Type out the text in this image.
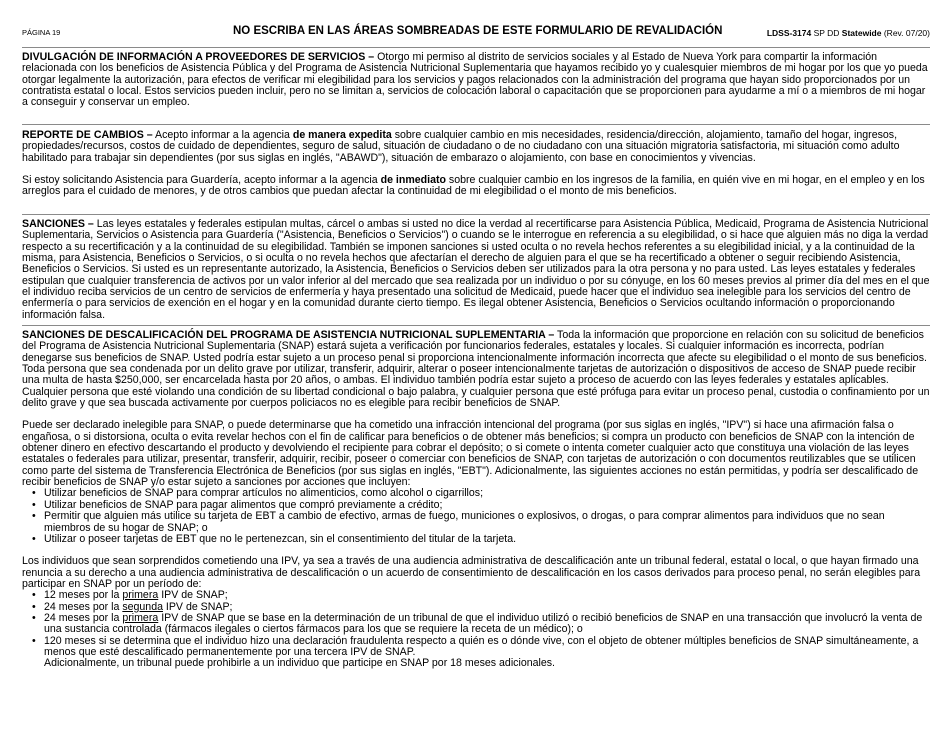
PÁGINA 19	NO ESCRIBA EN LAS ÁREAS SOMBREADAS DE ESTE FORMULARIO DE REVALIDACIÓN	LDSS-3174 SP DD Statewide (Rev. 07/20)

DIVULGACIÓN DE INFORMACIÓN A PROVEEDORES DE SERVICIOS – Otorgo mi permiso al distrito de servicios sociales y al Estado de Nueva York para compartir la información relacionada con los beneficios de Asistencia Pública y del Programa de Asistencia Nutricional Suplementaria que hayamos recibido yo y cualesquier miembros de mi hogar por los que yo pueda otorgar legalmente la autorización, para efectos de verificar mi elegibilidad para los servicios y pagos relacionados con la administración del programa que hayan sido proporcionados por un contratista estatal o local. Estos servicios pueden incluir, pero no se limitan a, servicios de colocación laboral o capacitación que se proporcionen para ayudarme a mí o a miembros de mi hogar a conseguir y conservar un empleo.

REPORTE DE CAMBIOS – Acepto informar a la agencia de manera expedita sobre cualquier cambio en mis necesidades, residencia/dirección, alojamiento, tamaño del hogar, ingresos, propiedades/recursos, costos de cuidado de dependientes, seguro de salud, situación de ciudadano o de no ciudadano con una situación migratoria satisfactoria, mi situación como adulto habilitado para trabajar sin dependientes (por sus siglas en inglés, "ABAWD"), situación de embarazo o alojamiento, con base en conocimientos y vivencias.

Si estoy solicitando Asistencia para Guardería, acepto informar a la agencia de inmediato sobre cualquier cambio en los ingresos de la familia, en quién vive en mi hogar, en el empleo y en los arreglos para el cuidado de menores, y de otros cambios que puedan afectar la continuidad de mi elegibilidad o el monto de mis beneficios.

SANCIONES – Las leyes estatales y federales estipulan multas, cárcel o ambas si usted no dice la verdad al recertificarse para Asistencia Pública, Medicaid, Programa de Asistencia Nutricional Suplementaria, Servicios o Asistencia para Guardería ("Asistencia, Beneficios o Servicios") o cuando se le interrogue en referencia a su elegibilidad, o si hace que alguien más no diga la verdad respecto a su recertificación y a la continuidad de su elegibilidad. También se imponen sanciones si usted oculta o no revela hechos referentes a su elegibilidad inicial, y a la continuidad de la misma, para Asistencia, Beneficios o Servicios, o si oculta o no revela hechos que afectarían el derecho de alguien para el que se ha recertificado a obtener o seguir recibiendo Asistencia, Beneficios o Servicios. Si usted es un representante autorizado, la Asistencia, Beneficios o Servicios deben ser utilizados para la otra persona y no para usted. Las leyes estatales y federales estipulan que cualquier transferencia de activos por un valor inferior al del mercado que sea realizada por un individuo o por su cónyuge, en los 60 meses previos al primer día del mes en el que el individuo reciba servicios de un centro de servicios de enfermería y haya presentado una solicitud de Medicaid, puede hacer que el individuo sea inelegible para los servicios del centro de enfermería o para servicios de exención en el hogar y en la comunidad durante cierto tiempo. Es ilegal obtener Asistencia, Beneficios o Servicios ocultando información o proporcionando información falsa.

SANCIONES DE DESCALIFICACIÓN DEL PROGRAMA DE ASISTENCIA NUTRICIONAL SUPLEMENTARIA – Toda la información que proporcione en relación con su solicitud de beneficios del Programa de Asistencia Nutricional Suplementaria (SNAP) estará sujeta a verificación por funcionarios federales, estatales y locales. Si cualquier información es incorrecta, podrían denegarse sus beneficios de SNAP. Usted podría estar sujeto a un proceso penal si proporciona intencionalmente información incorrecta que afecte su elegibilidad o el monto de sus beneficios. Toda persona que sea condenada por un delito grave por utilizar, transferir, adquirir, alterar o poseer intencionalmente tarjetas de autorización o dispositivos de acceso de SNAP puede recibir una multa de hasta $250,000, ser encarcelada hasta por 20 años, o ambas. El individuo también podría estar sujeto a proceso de acuerdo con las leyes federales y estatales aplicables. Cualquier persona que esté violando una condición de su libertad condicional o bajo palabra, y cualquier persona que esté prófuga para evitar un proceso penal, custodia o confinamiento por un delito grave y que sea buscada activamente por cuerpos policiacos no es elegible para recibir beneficios de SNAP.

Puede ser declarado inelegible para SNAP, o puede determinarse que ha cometido una infracción intencional del programa (por sus siglas en inglés, "IPV") si hace una afirmación falsa o engañosa, o si distorsiona, oculta o evita revelar hechos con el fin de calificar para beneficios o de obtener más beneficios; si compra un producto con beneficios de SNAP con la intención de obtener dinero en efectivo descartando el producto y devolviendo el recipiente para cobrar el depósito; o si comete o intenta cometer cualquier acto que constituya una violación de las leyes estatales o federales para utilizar, presentar, transferir, adquirir, recibir, poseer o comerciar con beneficios de SNAP, con tarjetas de autorización o con documentos reutilizables que se utilicen como parte del sistema de Transferencia Electrónica de Beneficios (por sus siglas en inglés, "EBT"). Adicionalmente, las siguientes acciones no están permitidas, y podría ser descalificado de recibir beneficios de SNAP y/o estar sujeto a sanciones por acciones que incluyen:

• Utilizar beneficios de SNAP para comprar artículos no alimenticios, como alcohol o cigarrillos;
• Utilizar beneficios de SNAP para pagar alimentos que compró previamente a crédito;
• Permitir que alguien más utilice su tarjeta de EBT a cambio de efectivo, armas de fuego, municiones o explosivos, o drogas, o para comprar alimentos para individuos que no sean miembros de su hogar de SNAP; o
• Utilizar o poseer tarjetas de EBT que no le pertenezcan, sin el consentimiento del titular de la tarjeta.

Los individuos que sean sorprendidos cometiendo una IPV, ya sea a través de una audiencia administrativa de descalificación ante un tribunal federal, estatal o local, o que hayan firmado una renuncia a su derecho a una audiencia administrativa de descalificación o un acuerdo de consentimiento de descalificación en los casos derivados para proceso penal, no serán elegibles para participar en SNAP por un período de:

• 12 meses por la primera IPV de SNAP;
• 24 meses por la segunda IPV de SNAP;
• 24 meses por la primera IPV de SNAP que se base en la determinación de un tribunal de que el individuo utilizó o recibió beneficios de SNAP en una transacción que involucró la venta de una sustancia controlada (fármacos ilegales o ciertos fármacos para los que se requiere la receta de un médico); o
• 120 meses si se determina que el individuo hizo una declaración fraudulenta respecto a quién es o dónde vive, con el objeto de obtener múltiples beneficios de SNAP simultáneamente, a menos que esté descalificado permanentemente por una tercera IPV de SNAP.

Adicionalmente, un tribunal puede prohibirle a un individuo que participe en SNAP por 18 meses adicionales.
